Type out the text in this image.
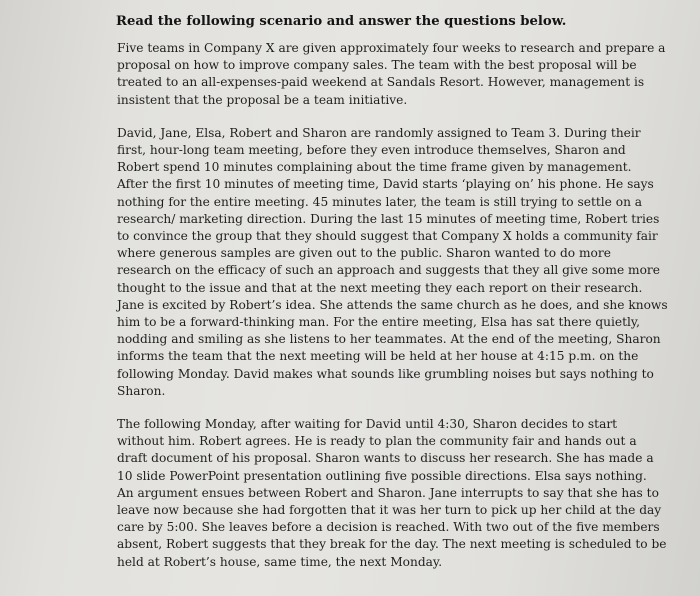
Read the following scenario and answer the questions below.
Five teams in Company X are given approximately four weeks to research and prepare a
proposal on how to improve company sales. The team with the best proposal will be
treated to an all-expenses-paid weekend at Sandals Resort. However, management is
insistent that the proposal be a team initiative.
David, Jane, Elsa, Robert and Sharon are randomly assigned to Team 3. During their
first, hour-long team meeting, before they even introduce themselves, Sharon and
Robert spend 10 minutes complaining about the time frame given by management.
After the first 10 minutes of meeting time, David starts ‘playing on’ his phone. He says
nothing for the entire meeting. 45 minutes later, the team is still trying to settle on a
research/ marketing direction. During the last 15 minutes of meeting time, Robert tries
to convince the group that they should suggest that Company X holds a community fair
where generous samples are given out to the public. Sharon wanted to do more
research on the efficacy of such an approach and suggests that they all give some more
thought to the issue and that at the next meeting they each report on their research.
Jane is excited by Robert’s idea. She attends the same church as he does, and she knows
him to be a forward-thinking man. For the entire meeting, Elsa has sat there quietly,
nodding and smiling as she listens to her teammates. At the end of the meeting, Sharon
informs the team that the next meeting will be held at her house at 4:15 p.m. on the
following Monday. David makes what sounds like grumbling noises but says nothing to
Sharon.
The following Monday, after waiting for David until 4:30, Sharon decides to start
without him. Robert agrees. He is ready to plan the community fair and hands out a
draft document of his proposal. Sharon wants to discuss her research. She has made a
10 slide PowerPoint presentation outlining five possible directions. Elsa says nothing.
An argument ensues between Robert and Sharon. Jane interrupts to say that she has to
leave now because she had forgotten that it was her turn to pick up her child at the day
care by 5:00. She leaves before a decision is reached. With two out of the five members
absent, Robert suggests that they break for the day. The next meeting is scheduled to be
held at Robert’s house, same time, the next Monday.
